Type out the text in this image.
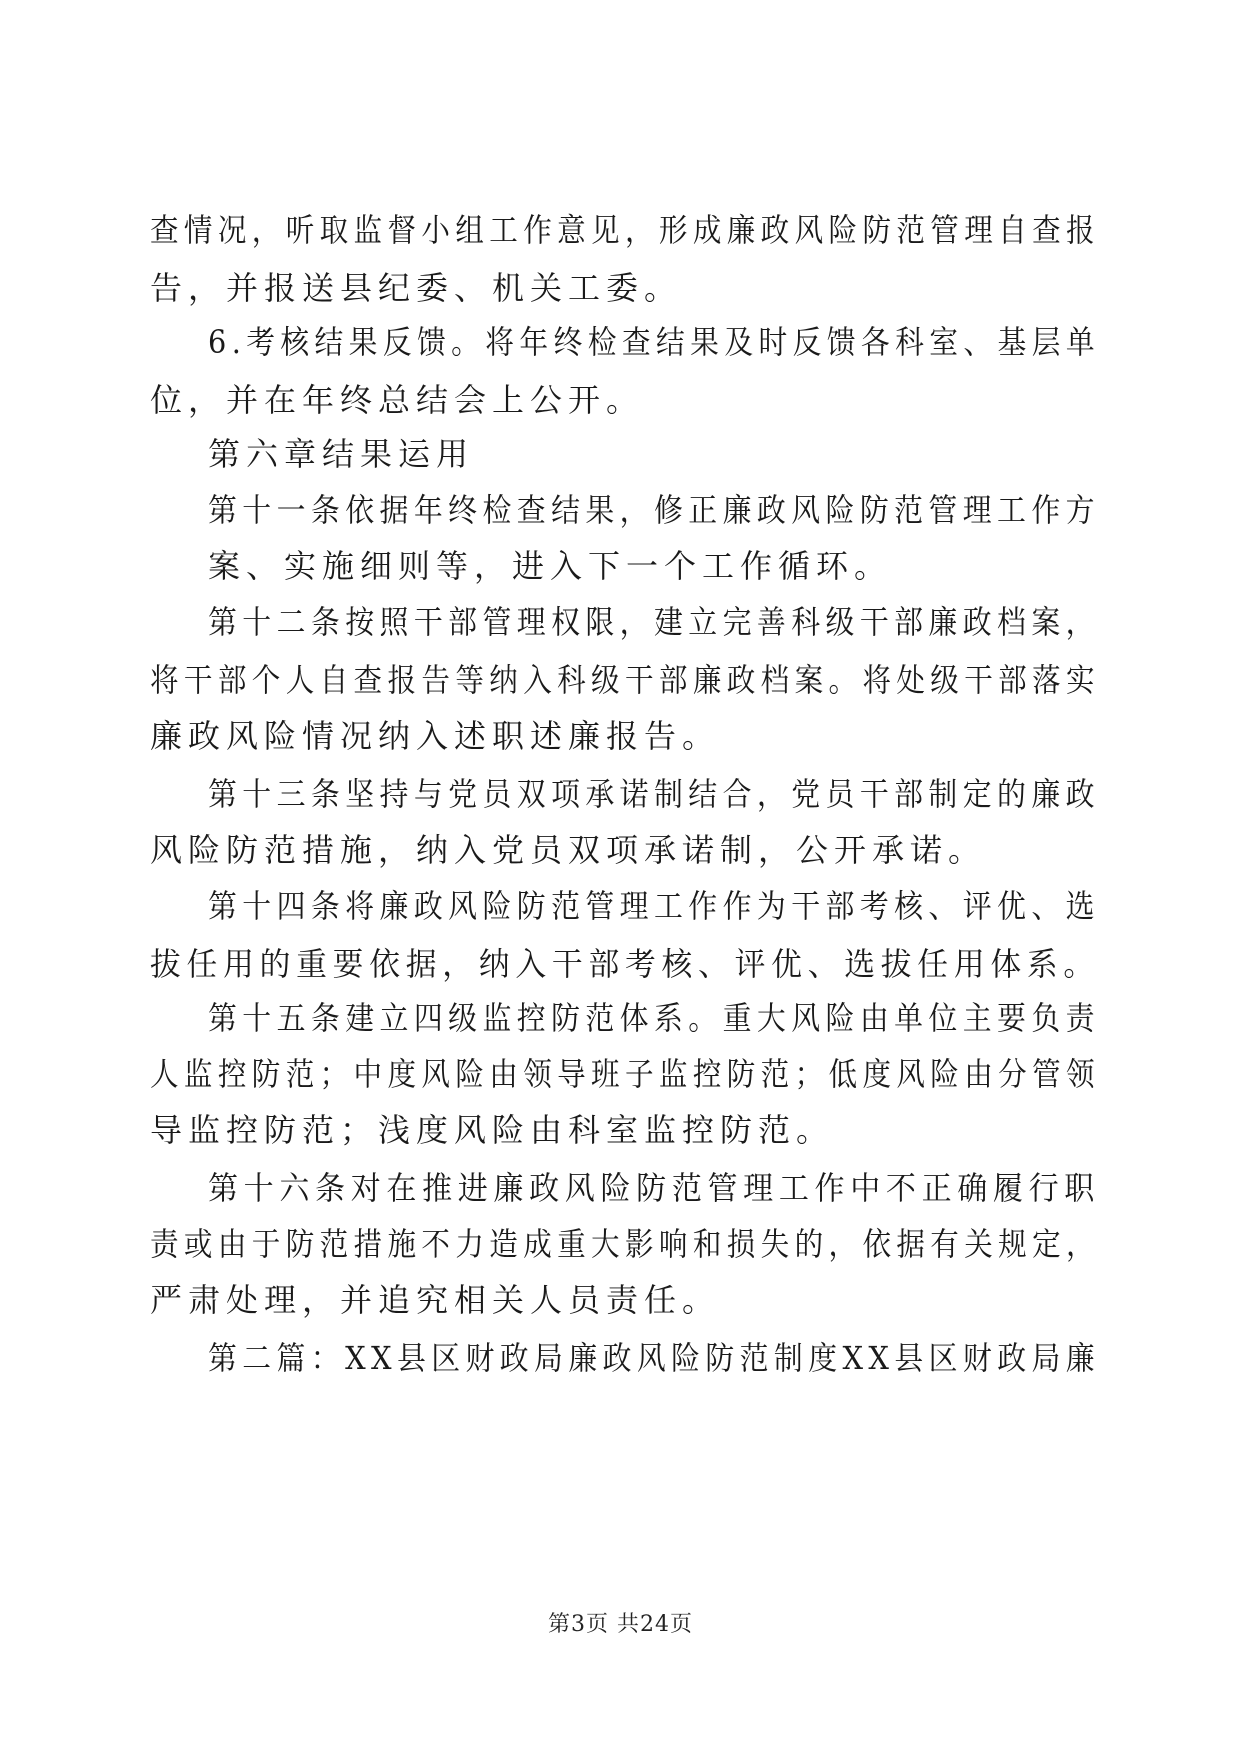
查情况，听取监督小组工作意见，形成廉政风险防范管理自查报
告，并报送县纪委、机关工委。
6.考核结果反馈。将年终检查结果及时反馈各科室、基层单
位，并在年终总结会上公开。
第六章结果运用
第十一条依据年终检查结果，修正廉政风险防范管理工作方
案、实施细则等，进入下一个工作循环。
第十二条按照干部管理权限，建立完善科级干部廉政档案，
将干部个人自查报告等纳入科级干部廉政档案。将处级干部落实
廉政风险情况纳入述职述廉报告。
第十三条坚持与党员双项承诺制结合，党员干部制定的廉政
风险防范措施，纳入党员双项承诺制，公开承诺。
第十四条将廉政风险防范管理工作作为干部考核、评优、选
拔任用的重要依据，纳入干部考核、评优、选拔任用体系。
第十五条建立四级监控防范体系。重大风险由单位主要负责
人监控防范；中度风险由领导班子监控防范；低度风险由分管领
导监控防范；浅度风险由科室监控防范。
第十六条对在推进廉政风险防范管理工作中不正确履行职
责或由于防范措施不力造成重大影响和损失的，依据有关规定，
严肃处理，并追究相关人员责任。
第二篇：XX县区财政局廉政风险防范制度XX县区财政局廉
第3页 共24页
